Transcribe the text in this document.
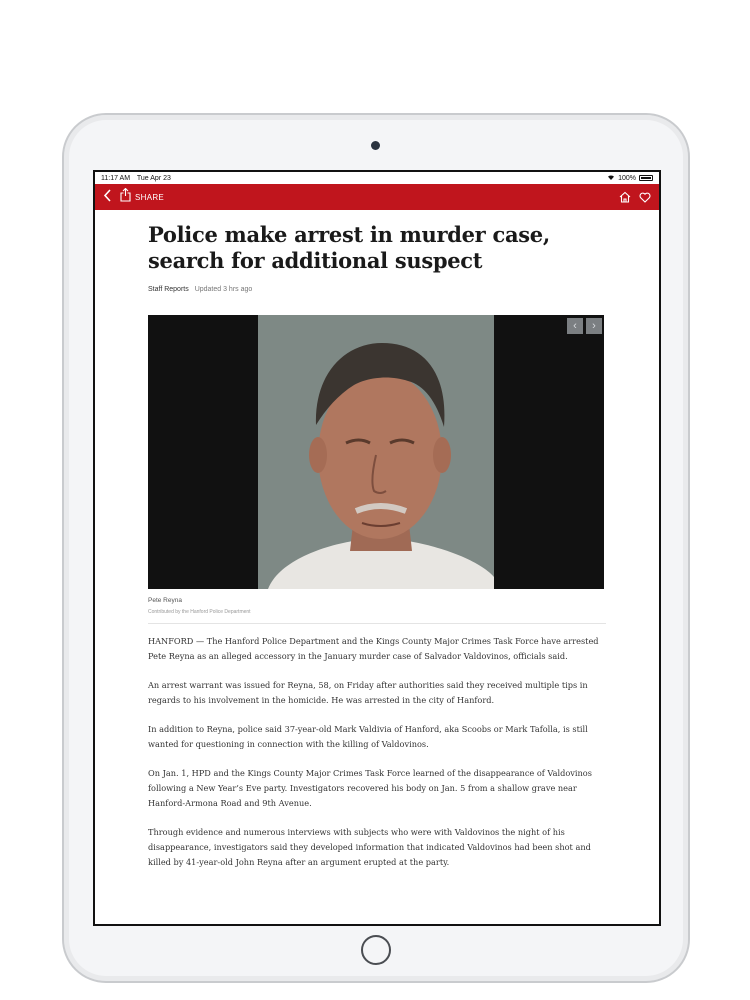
11:17 AM Tue Apr 23	100%
SHARE
Police make arrest in murder case, search for additional suspect
Staff Reports Updated 3 hrs ago
‹	›
Pete Reyna
Contributed by the Hanford Police Department

HANFORD — The Hanford Police Department and the Kings County Major Crimes Task Force have arrested Pete Reyna as an alleged accessory in the January murder case of Salvador Valdovinos, officials said.

An arrest warrant was issued for Reyna, 58, on Friday after authorities said they received multiple tips in regards to his involvement in the homicide. He was arrested in the city of Hanford.

In addition to Reyna, police said 37-year-old Mark Valdivia of Hanford, aka Scoobs or Mark Tafolla, is still wanted for questioning in connection with the killing of Valdovinos.

On Jan. 1, HPD and the Kings County Major Crimes Task Force learned of the disappearance of Valdovinos following a New Year’s Eve party. Investigators recovered his body on Jan. 5 from a shallow grave near Hanford-Armona Road and 9th Avenue.

Through evidence and numerous interviews with subjects who were with Valdovinos the night of his disappearance, investigators said they developed information that indicated Valdovinos had been shot and killed by 41-year-old John Reyna after an argument erupted at the party.
